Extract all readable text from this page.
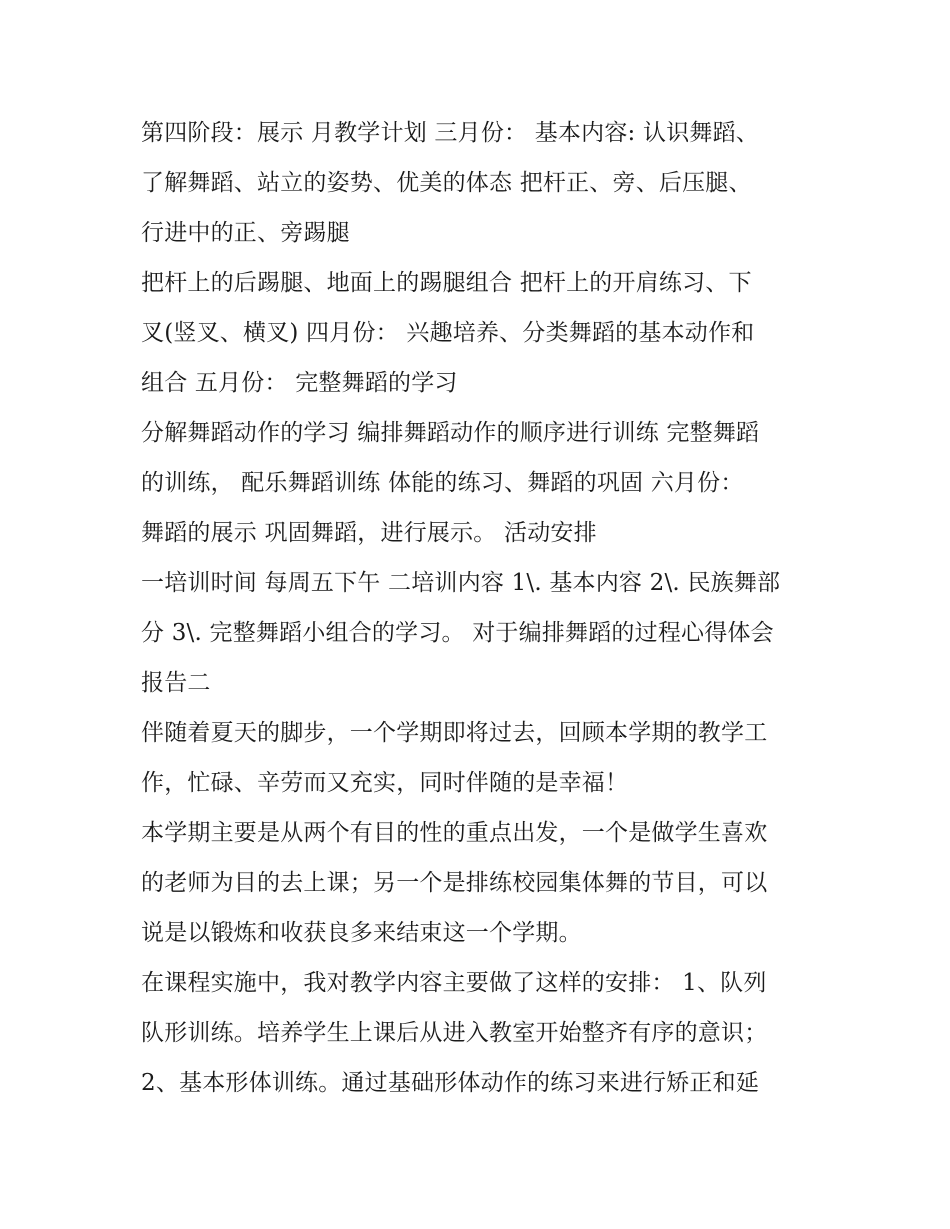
第四阶段：展示 月教学计划 三月份： 基本内容: 认识舞蹈、
了解舞蹈、站立的姿势、优美的体态 把杆正、旁、后压腿、
行进中的正、旁踢腿
把杆上的后踢腿、地面上的踢腿组合 把杆上的开肩练习、下
叉(竖叉、横叉) 四月份： 兴趣培养、分类舞蹈的基本动作和
组合 五月份： 完整舞蹈的学习
分解舞蹈动作的学习 编排舞蹈动作的顺序进行训练 完整舞蹈
的训练， 配乐舞蹈训练 体能的练习、舞蹈的巩固 六月份：
舞蹈的展示 巩固舞蹈，进行展示。 活动安排
一培训时间 每周五下午 二培训内容 1\. 基本内容 2\. 民族舞部
分 3\. 完整舞蹈小组合的学习。 对于编排舞蹈的过程心得体会
报告二
伴随着夏天的脚步，一个学期即将过去，回顾本学期的教学工
作，忙碌、辛劳而又充实，同时伴随的是幸福！
本学期主要是从两个有目的性的重点出发，一个是做学生喜欢
的老师为目的去上课；另一个是排练校园集体舞的节目，可以
说是以锻炼和收获良多来结束这一个学期。
在课程实施中，我对教学内容主要做了这样的安排： 1、队列
队形训练。培养学生上课后从进入教室开始整齐有序的意识；
2、基本形体训练。通过基础形体动作的练习来进行矫正和延
